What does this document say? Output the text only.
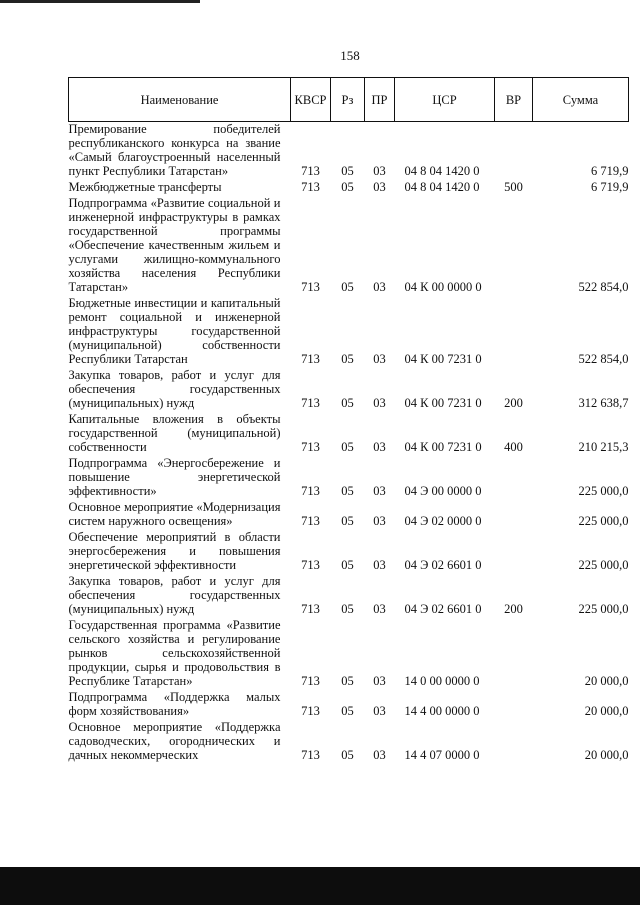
158
Наименование	КВСР	Рз	ПР	ЦСР	ВР	Сумма
Премирование победителей республиканского конкурса на звание «Самый благоустроенный населенный пункт Республики Татарстан»	713	05	03	04 8 04 1420 0		6 719,9
Межбюджетные трансферты	713	05	03	04 8 04 1420 0	500	6 719,9
Подпрограмма «Развитие социальной и инженерной инфраструктуры в рамках государственной программы «Обеспечение качественным жильем и услугами жилищно-коммунального хозяйства населения Республики Татарстан»	713	05	03	04 К 00 0000 0		522 854,0
Бюджетные инвестиции и капитальный ремонт социальной и инженерной инфраструктуры государственной (муниципальной) собственности Республики Татарстан	713	05	03	04 К 00 7231 0		522 854,0
Закупка товаров, работ и услуг для обеспечения государственных (муниципальных) нужд	713	05	03	04 К 00 7231 0	200	312 638,7
Капитальные вложения в объекты государственной (муниципальной) собственности	713	05	03	04 К 00 7231 0	400	210 215,3
Подпрограмма «Энергосбережение и повышение энергетической эффективности»	713	05	03	04 Э 00 0000 0		225 000,0
Основное мероприятие «Модернизация систем наружного освещения»	713	05	03	04 Э 02 0000 0		225 000,0
Обеспечение мероприятий в области энергосбережения и повышения энергетической эффективности	713	05	03	04 Э 02 6601 0		225 000,0
Закупка товаров, работ и услуг для обеспечения государственных (муниципальных) нужд	713	05	03	04 Э 02 6601 0	200	225 000,0
Государственная программа «Развитие сельского хозяйства и регулирование рынков сельскохозяйственной продукции, сырья и продовольствия в Республике Татарстан»	713	05	03	14 0 00 0000 0		20 000,0
Подпрограмма «Поддержка малых форм хозяйствования»	713	05	03	14 4 00 0000 0		20 000,0
Основное мероприятие «Поддержка садоводческих, огороднических и дачных некоммерческих	713	05	03	14 4 07 0000 0		20 000,0
